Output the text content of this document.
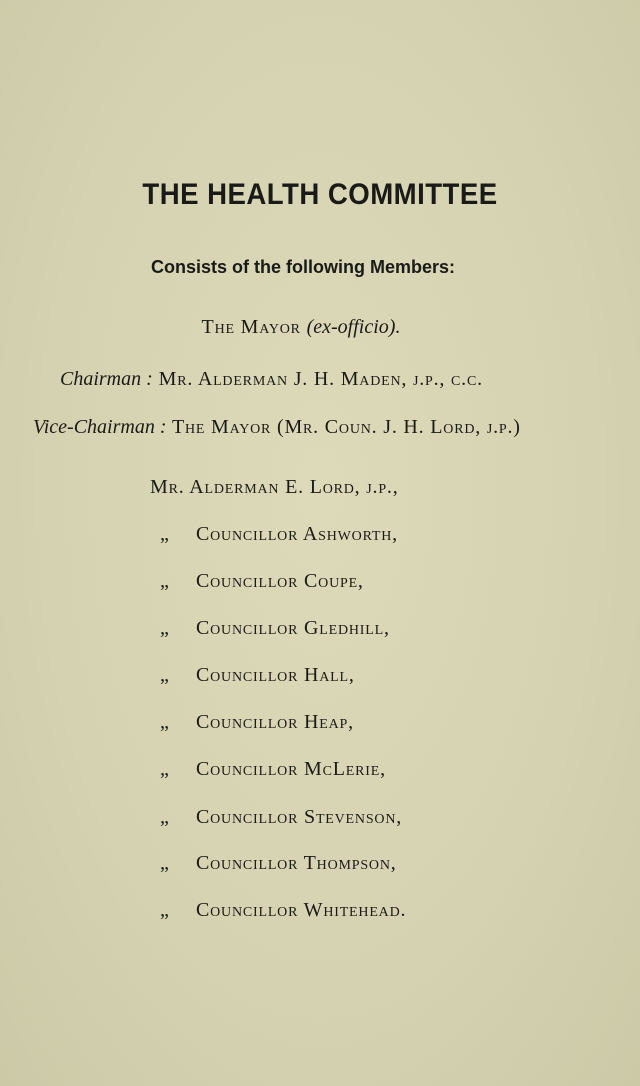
THE HEALTH COMMITTEE
Consists of the following Members:
The Mayor (ex-officio).
Chairman : Mr. Alderman J. H. Maden, j.p., c.c.
Vice-Chairman : The Mayor (Mr. Coun. J. H. Lord, j.p.)
Mr. Alderman E. Lord, j.p.,
„ Councillor Ashworth,
„ Councillor Coupe,
„ Councillor Gledhill,
„ Councillor Hall,
„ Councillor Heap,
„ Councillor McLerie,
„ Councillor Stevenson,
„ Councillor Thompson,
„ Councillor Whitehead.
